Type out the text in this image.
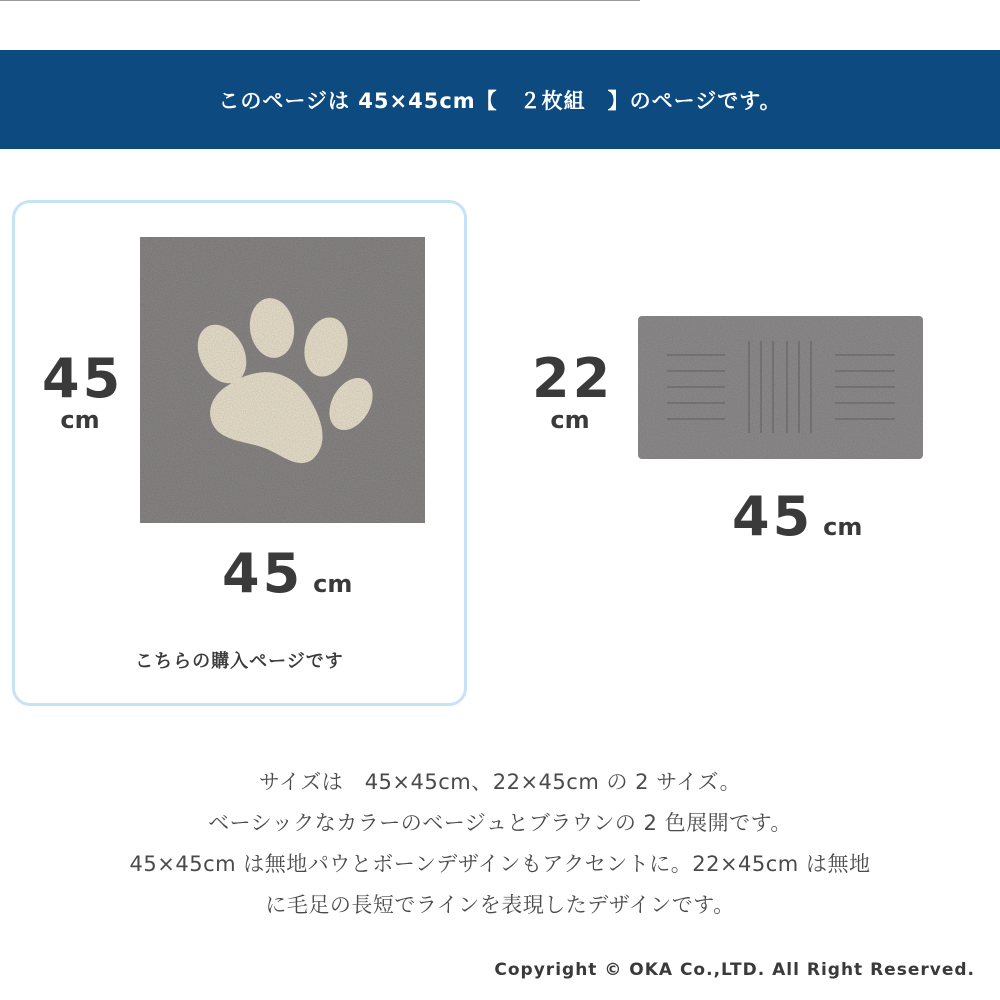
このページは 45×45cm【　２枚組　】のページです。
45
cm
45 cm
こちらの購入ページです
22
cm
45 cm
サイズは　45×45cm、22×45cm の 2 サイズ。
ベーシックなカラーのベージュとブラウンの 2 色展開です。
45×45cm は無地パウとボーンデザインもアクセントに。22×45cm は無地
に毛足の長短でラインを表現したデザインです。
Copyright © OKA Co.,LTD. All Right Reserved.
